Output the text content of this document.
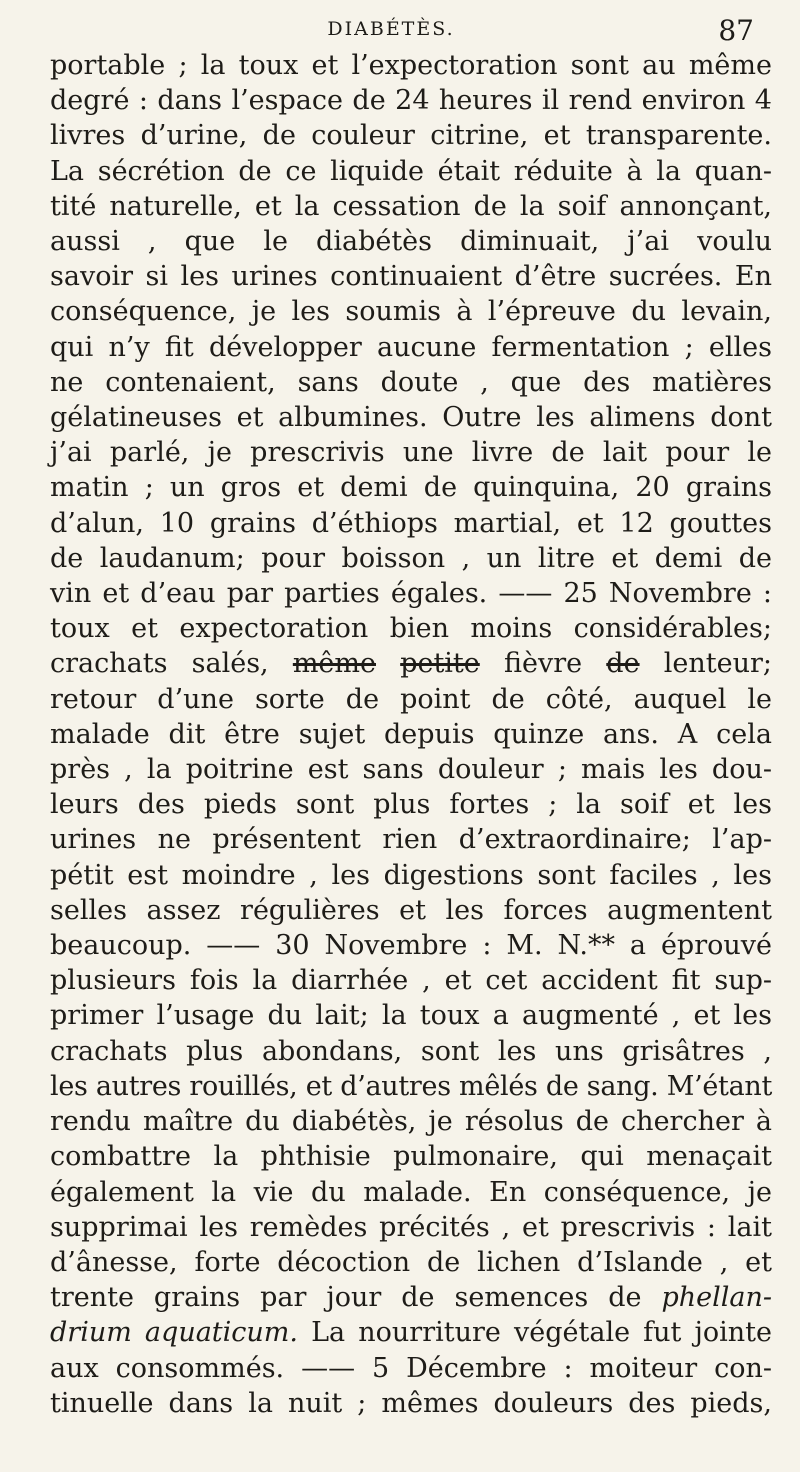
DIABÉTÈS.	87
portable ; la toux et l’expectoration sont au même
degré : dans l’espace de 24 heures il rend environ 4
livres d’urine, de couleur citrine, et transparente.
La sécrétion de ce liquide était réduite à la quan-
tité naturelle, et la cessation de la soif annonçant,
aussi , que le diabétès diminuait, j’ai voulu
savoir si les urines continuaient d’être sucrées. En
conséquence, je les soumis à l’épreuve du levain,
qui n’y fit développer aucune fermentation ; elles
ne contenaient, sans doute , que des matières
gélatineuses et albumines. Outre les alimens dont
j’ai parlé, je prescrivis une livre de lait pour le
matin ; un gros et demi de quinquina, 20 grains
d’alun, 10 grains d’éthiops martial, et 12 gouttes
de laudanum; pour boisson , un litre et demi de
vin et d’eau par parties égales. —— 25 Novembre :
toux et expectoration bien moins considérables;
crachats salés, même petite fièvre de lenteur;
retour d’une sorte de point de côté, auquel le
malade dit être sujet depuis quinze ans. A cela
près , la poitrine est sans douleur ; mais les dou-
leurs des pieds sont plus fortes ; la soif et les
urines ne présentent rien d’extraordinaire; l’ap-
pétit est moindre , les digestions sont faciles , les
selles assez régulières et les forces augmentent
beaucoup. —— 30 Novembre : M. N.** a éprouvé
plusieurs fois la diarrhée , et cet accident fit sup-
primer l’usage du lait; la toux a augmenté , et les
crachats plus abondans, sont les uns grisâtres ,
les autres rouillés, et d’autres mêlés de sang. M’étant
rendu maître du diabétès, je résolus de chercher à
combattre la phthisie pulmonaire, qui menaçait
également la vie du malade. En conséquence, je
supprimai les remèdes précités , et prescrivis : lait
d’ânesse, forte décoction de lichen d’Islande , et
trente grains par jour de semences de phellan-
drium aquaticum. La nourriture végétale fut jointe
aux consommés. —— 5 Décembre : moiteur con-
tinuelle dans la nuit ; mêmes douleurs des pieds,
